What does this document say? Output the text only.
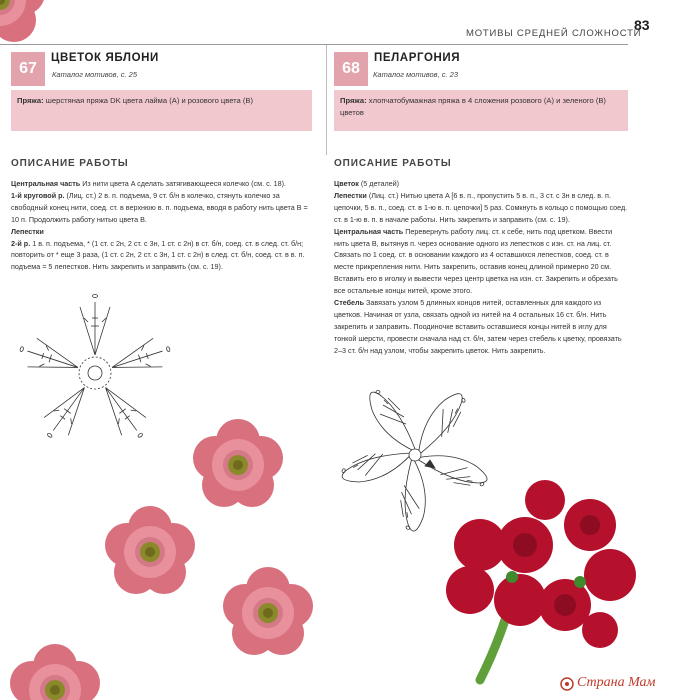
МОТИВЫ СРЕДНЕЙ СЛОЖНОСТИ
83
67
ЦВЕТОК ЯБЛОНИ
Каталог мотивов, с. 25
Пряжа: шерстяная пряжа DK цвета лайма (A) и розового цвета (B)
ОПИСАНИЕ РАБОТЫ

Центральная часть Из нити цвета A сделать затягивающееся колечко (см. с. 18).

1-й круговой р. (Лиц. ст.) 2 в. п. подъема, 9 ст. б/н в колечко, стянуть колечко за свободный конец нити, соед. ст. в верхнюю в. п. подъема, вводя в работу нить цвета B = 10 п. Продолжить работу нитью цвета B.

Лепестки

2-й р. 1 в. п. подъема, * (1 ст. с 2н, 2 ст. с 3н, 1 ст. с 2н) в ст. б/н, соед. ст. в след. ст. б/н; повторить от * еще 3 раза, (1 ст. с 2н, 2 ст. с 3н, 1 ст. с 2н) в след. ст. б/н, соед. ст. в в. п. подъема = 5 лепестков. Нить закрепить и заправить (см. с. 19).

68
ПЕЛАРГОНИЯ
Каталог мотивов, с. 23
Пряжа: хлопчатобумажная пряжа в 4 сложения розового (A) и зеленого (B) цветов
ОПИСАНИЕ РАБОТЫ

Цветок (5 деталей)

Лепестки (Лиц. ст.) Нитью цвета A [6 в. п., пропустить 5 в. п., 3 ст. с 3н в след. в. п. цепочки, 5 в. п., соед. ст. в 1-ю в. п. цепочки] 5 раз. Сомкнуть в кольцо с помощью соед. ст. в 1-ю в. п. в начале работы. Нить закрепить и заправить (см. с. 19).

Центральная часть Перевернуть работу лиц. ст. к себе, нить под цветком. Ввести нить цвета B, вытянув п. через основание одного из лепестков с изн. ст. на лиц. ст. Связать по 1 соед. ст. в основании каждого из 4 оставшихся лепестков, соед. ст. в месте прикрепления нити. Нить закрепить, оставив конец длиной примерно 20 см. Вставить его в иголку и вывести через центр цветка на изн. ст. Закрепить и обрезать все остальные концы нитей, кроме этого.

Стебель Завязать узлом 5 длинных концов нитей, оставленных для каждого из цветков. Начиная от узла, связать одной из нитей на 4 остальных 16 ст. б/н. Нить закрепить и заправить. Поодиночке вставить оставшиеся концы нитей в иглу для тонкой шерсти, провести сначала над ст. б/н, затем через стебель к цветку, провязать 2–3 ст. б/н над узлом, чтобы закрепить цветок. Нить закрепить.

Страна Мам
